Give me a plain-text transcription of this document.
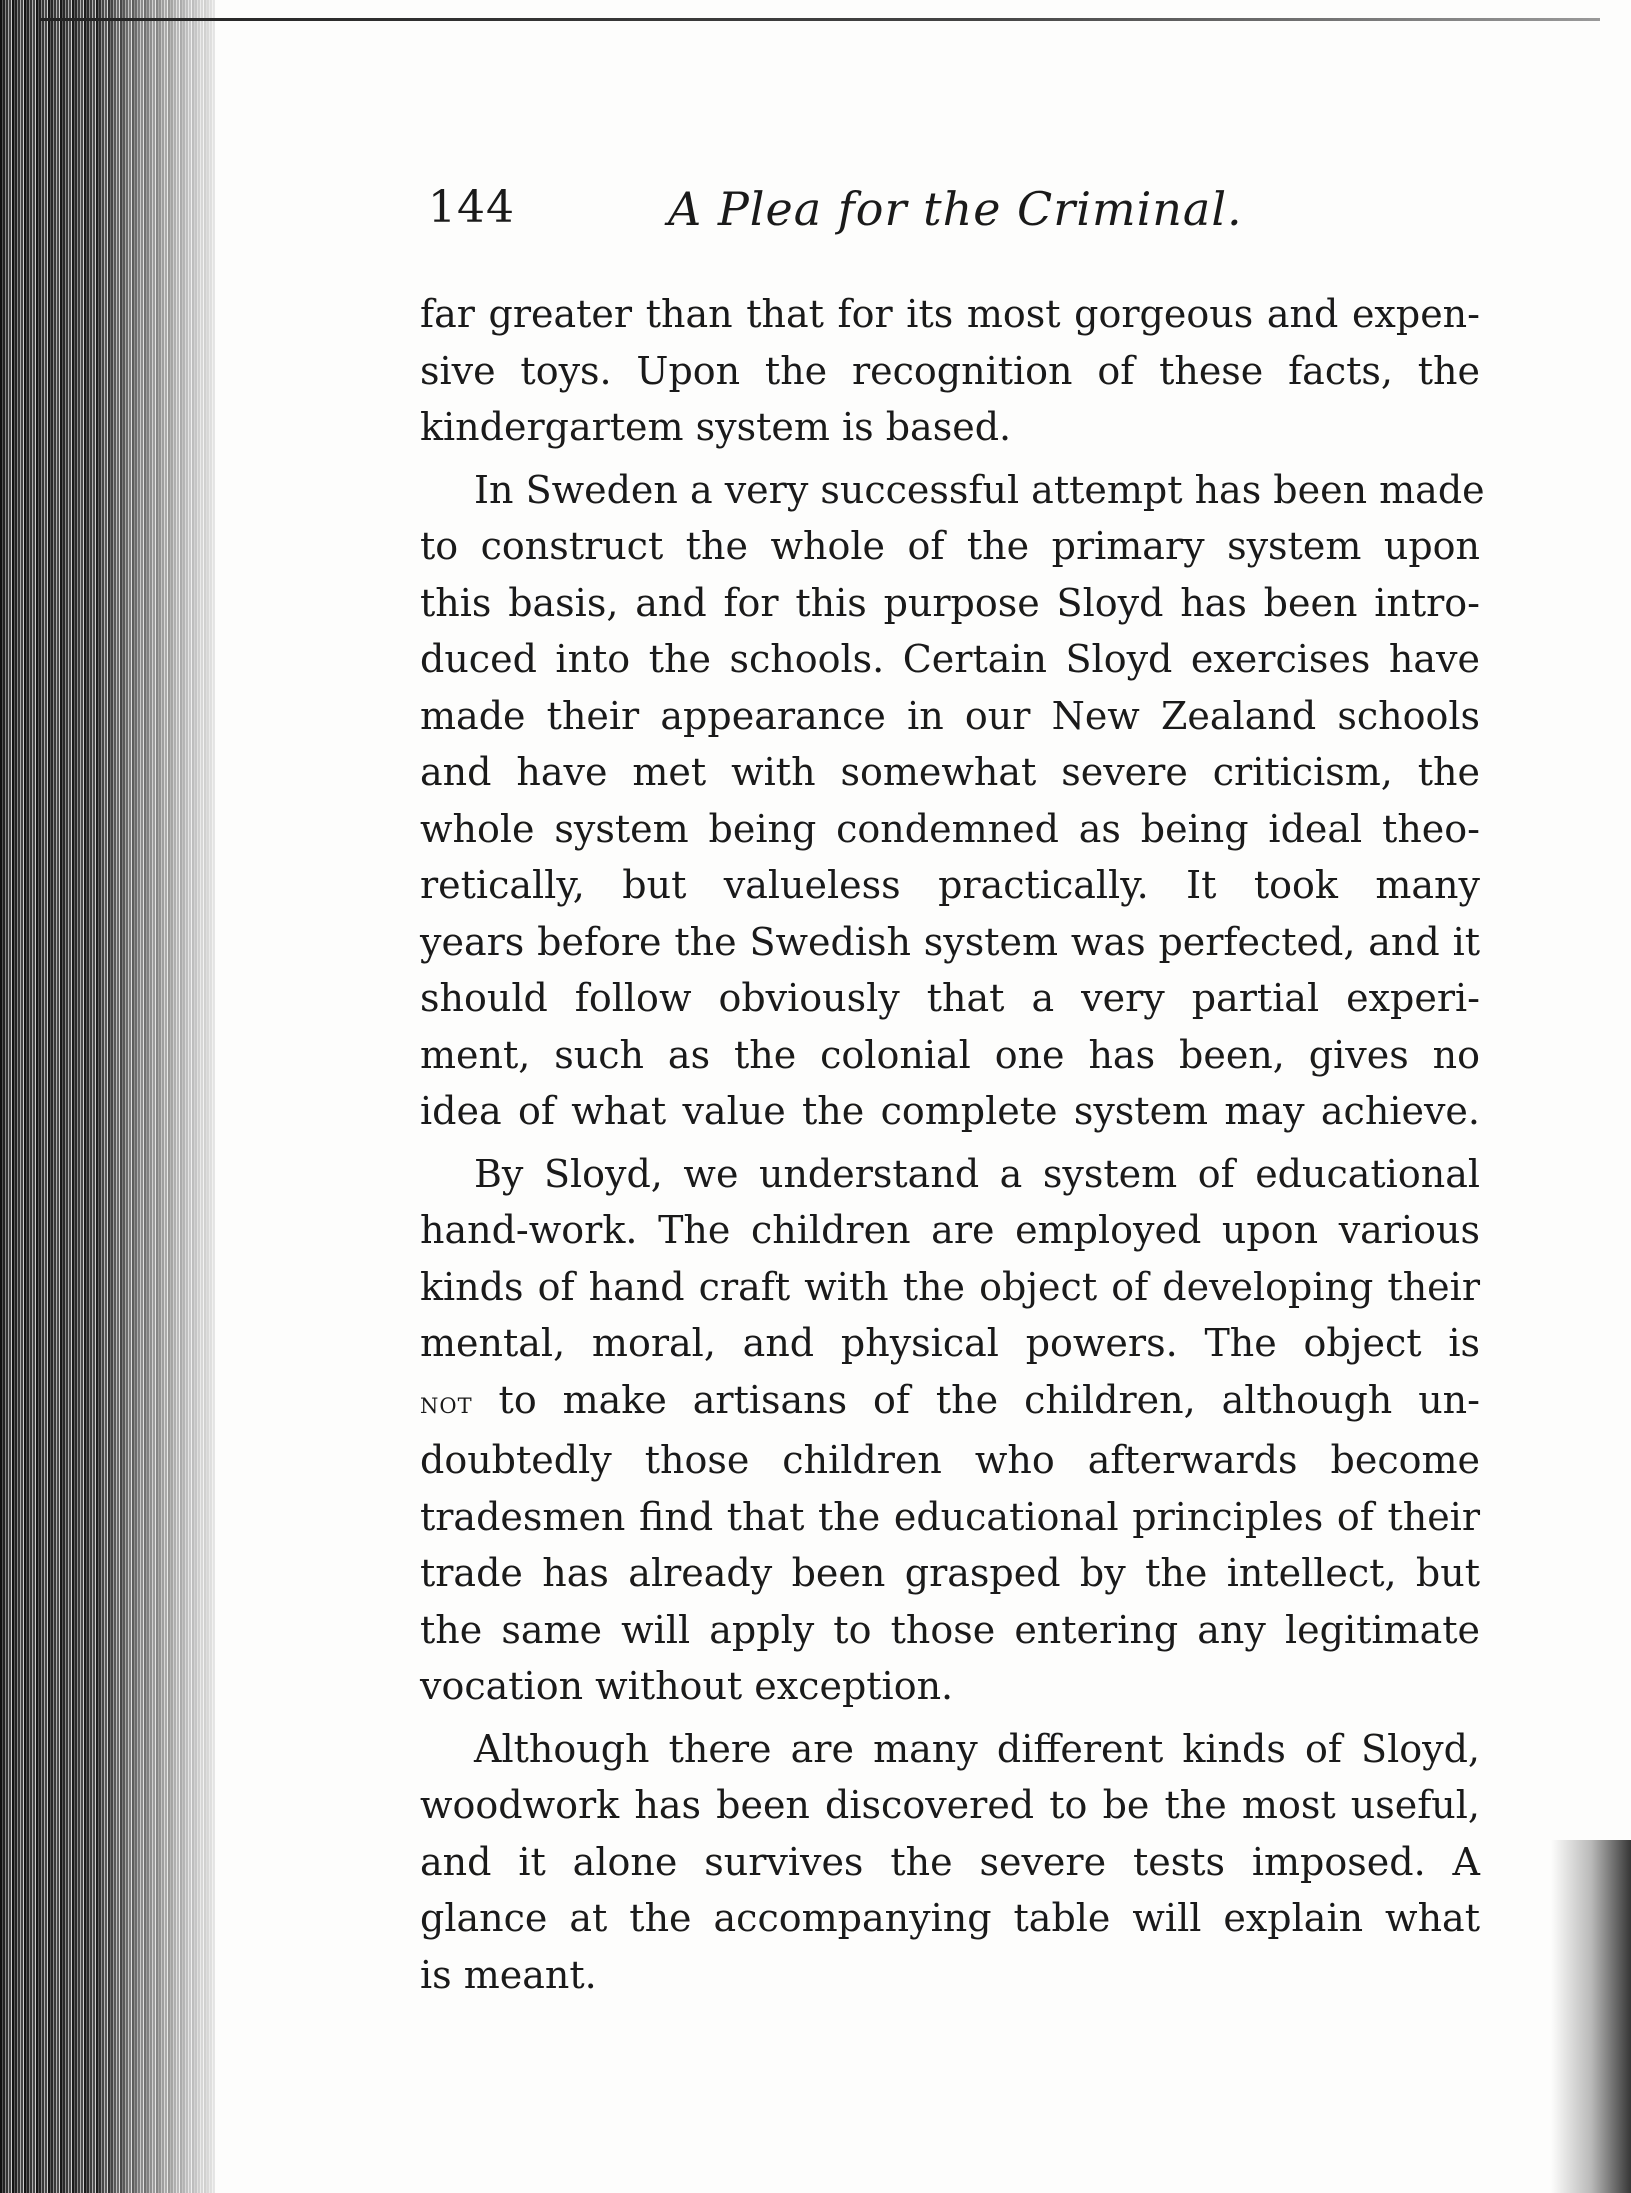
144	A Plea for the Criminal.
far greater than that for its most gorgeous and expen-
sive toys. Upon the recognition of these facts, the
kindergartem system is based.
In Sweden a very successful attempt has been made
to construct the whole of the primary system upon
this basis, and for this purpose Sloyd has been intro-
duced into the schools. Certain Sloyd exercises have
made their appearance in our New Zealand schools
and have met with somewhat severe criticism, the
whole system being condemned as being ideal theo-
retically, but valueless practically. It took many
years before the Swedish system was perfected, and it
should follow obviously that a very partial experi-
ment, such as the colonial one has been, gives no
idea of what value the complete system may achieve.
By Sloyd, we understand a system of educational
hand-work. The children are employed upon various
kinds of hand craft with the object of developing their
mental, moral, and physical powers. The object is
not to make artisans of the children, although un-
doubtedly those children who afterwards become
tradesmen find that the educational principles of their
trade has already been grasped by the intellect, but
the same will apply to those entering any legitimate
vocation without exception.
Although there are many different kinds of Sloyd,
woodwork has been discovered to be the most useful,
and it alone survives the severe tests imposed. A
glance at the accompanying table will explain what
is meant.
